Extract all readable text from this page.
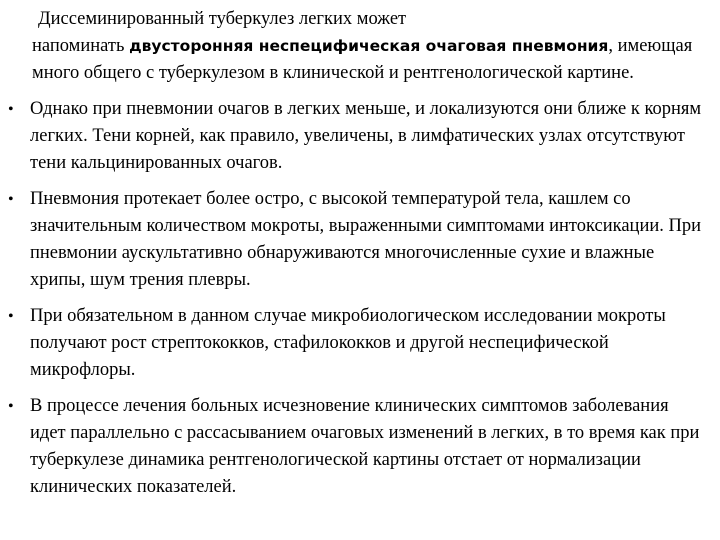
Диссеминированный туберкулез легких может
напоминать двусторонняя неспецифическая очаговая пневмония, имеющая много общего с туберкулезом в клинической и рентгенологической картине.
• Однако при пневмонии очагов в легких меньше, и локализуются они ближе к корням легких. Тени корней, как правило, увеличены, в лимфатических узлах отсутствуют тени кальцинированных очагов.
• Пневмония протекает более остро, с высокой температурой тела, кашлем со значительным количеством мокроты, выраженными симптомами интоксикации. При пневмонии аускультативно обнаруживаются многочисленные сухие и влажные хрипы, шум трения плевры.
• При обязательном в данном случае микробиологическом исследовании мокроты получают рост стрептококков, стафилококков и другой неспецифической микрофлоры.
• В процессе лечения больных исчезновение клинических симптомов заболевания идет параллельно с рассасыванием очаговых изменений в легких, в то время как при туберкулезе динамика рентгенологической картины отстает от нормализации клинических показателей.
